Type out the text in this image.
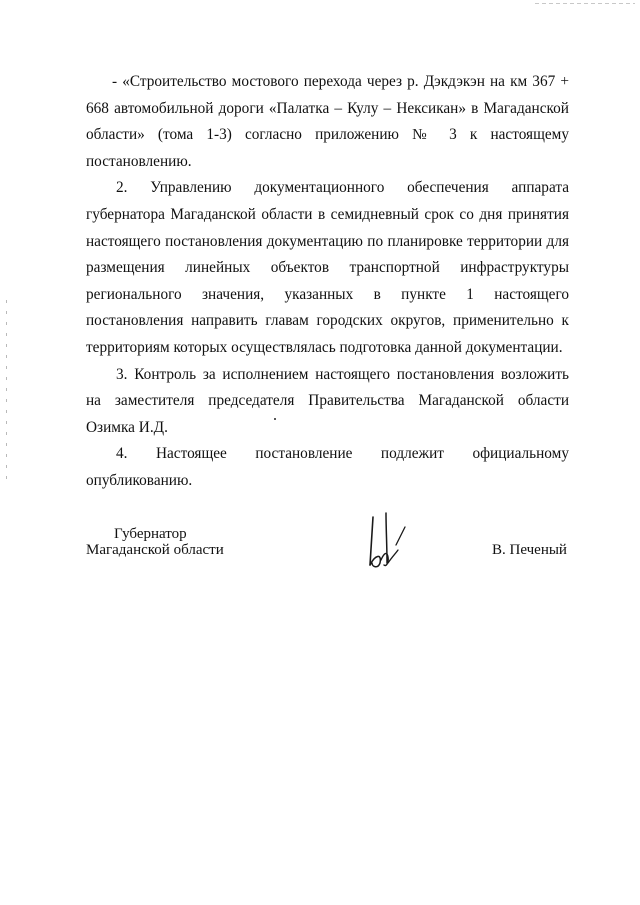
- «Строительство мостового перехода через р. Дэкдэкэн на км 367 + 668 автомобильной дороги «Палатка – Кулу – Нексикан» в Магаданской области» (тома 1-3) согласно приложению № 3 к настоящему постановлению.

2. Управлению документационного обеспечения аппарата губернатора Магаданской области в семидневный срок со дня принятия настоящего постановления документацию по планировке территории для размещения линейных объектов транспортной инфраструктуры регионального значения, указанных в пункте 1 настоящего постановления направить главам городских округов, применительно к территориям которых осуществлялась подготовка данной документации.

3. Контроль за исполнением настоящего постановления возложить на заместителя председателя Правительства Магаданской области Озимка И.Д.

4. Настоящее постановление подлежит официальному опубликованию.

Губернатор
Магаданской области	В. Печеный
